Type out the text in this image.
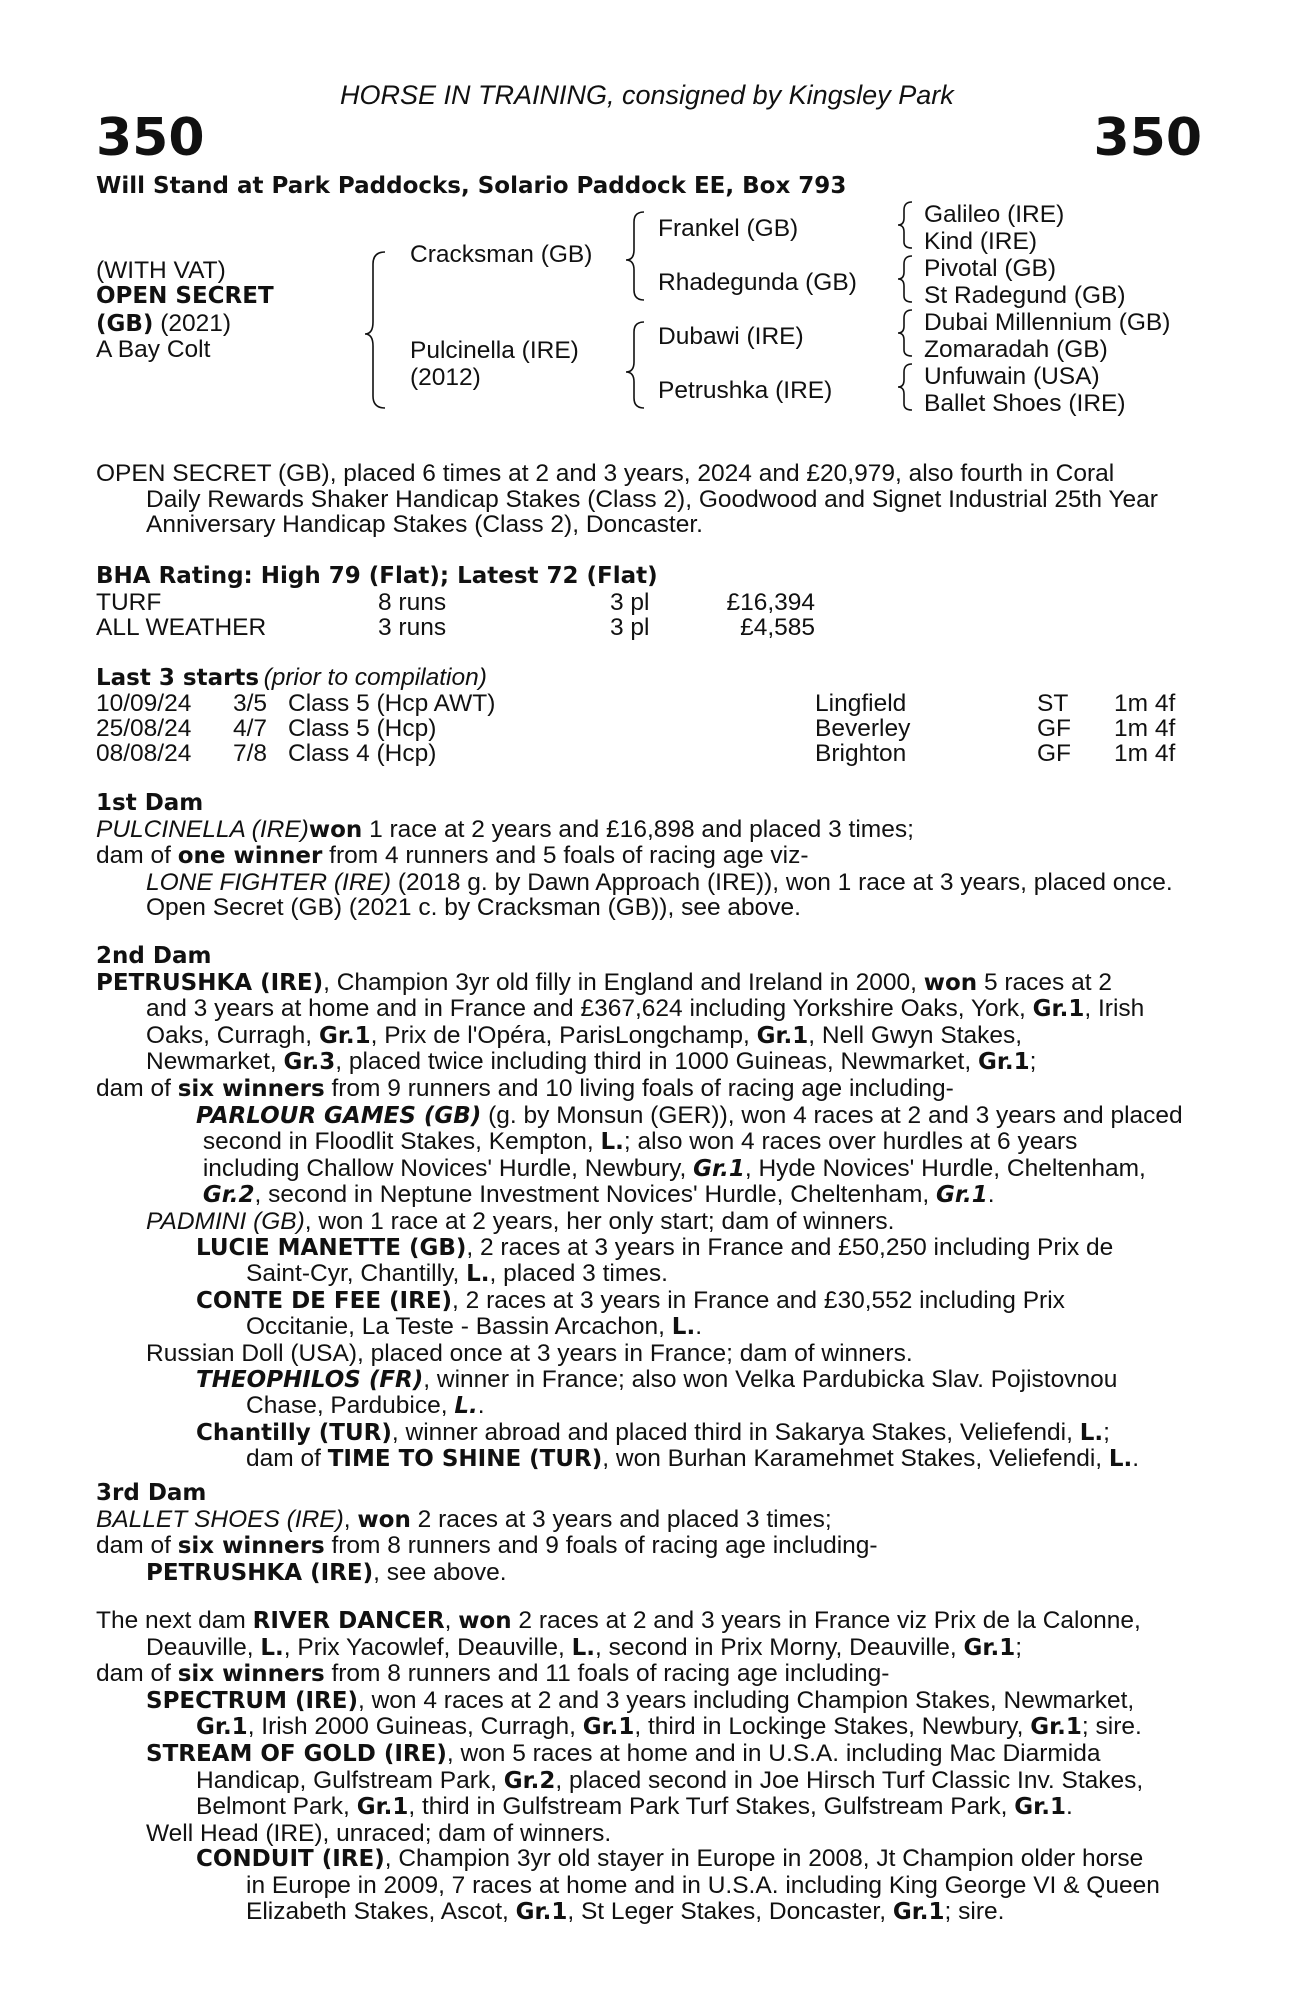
HORSE IN TRAINING, consigned by Kingsley Park
350	350
Will Stand at Park Paddocks, Solario Paddock EE, Box 793
(WITH VAT)
OPEN SECRET
(GB) (2021)
A Bay Colt
Cracksman (GB)
Pulcinella (IRE)
(2012)
Frankel (GB)
Rhadegunda (GB)
Dubawi (IRE)
Petrushka (IRE)
Galileo (IRE)
Kind (IRE)
Pivotal (GB)
St Radegund (GB)
Dubai Millennium (GB)
Zomaradah (GB)
Unfuwain (USA)
Ballet Shoes (IRE)
OPEN SECRET (GB), placed 6 times at 2 and 3 years, 2024 and £20,979, also fourth in Coral
Daily Rewards Shaker Handicap Stakes (Class 2), Goodwood and Signet Industrial 25th Year
Anniversary Handicap Stakes (Class 2), Doncaster.
BHA Rating: High 79 (Flat); Latest 72 (Flat)
TURF	8 runs	3 pl	£16,394
ALL WEATHER	3 runs	3 pl	£4,585
Last 3 starts (prior to compilation)
10/09/24 3/5 Class 5 (Hcp AWT)	Lingfield	ST 1m 4f
25/08/24 4/7 Class 5 (Hcp)	Beverley	GF 1m 4f
08/08/24 7/8 Class 4 (Hcp)	Brighton	GF 1m 4f
1st Dam
PULCINELLA (IRE)won 1 race at 2 years and £16,898 and placed 3 times;
dam of one winner from 4 runners and 5 foals of racing age viz-
LONE FIGHTER (IRE) (2018 g. by Dawn Approach (IRE)), won 1 race at 3 years, placed once.
Open Secret (GB) (2021 c. by Cracksman (GB)), see above.
2nd Dam
PETRUSHKA (IRE), Champion 3yr old filly in England and Ireland in 2000, won 5 races at 2
and 3 years at home and in France and £367,624 including Yorkshire Oaks, York, Gr.1, Irish
Oaks, Curragh, Gr.1, Prix de l'Opéra, ParisLongchamp, Gr.1, Nell Gwyn Stakes,
Newmarket, Gr.3, placed twice including third in 1000 Guineas, Newmarket, Gr.1;
dam of six winners from 9 runners and 10 living foals of racing age including-
PARLOUR GAMES (GB) (g. by Monsun (GER)), won 4 races at 2 and 3 years and placed
second in Floodlit Stakes, Kempton, L.; also won 4 races over hurdles at 6 years
including Challow Novices' Hurdle, Newbury, Gr.1, Hyde Novices' Hurdle, Cheltenham,
Gr.2, second in Neptune Investment Novices' Hurdle, Cheltenham, Gr.1.
PADMINI (GB), won 1 race at 2 years, her only start; dam of winners.
LUCIE MANETTE (GB), 2 races at 3 years in France and £50,250 including Prix de
Saint-Cyr, Chantilly, L., placed 3 times.
CONTE DE FEE (IRE), 2 races at 3 years in France and £30,552 including Prix
Occitanie, La Teste - Bassin Arcachon, L..
Russian Doll (USA), placed once at 3 years in France; dam of winners.
THEOPHILOS (FR), winner in France; also won Velka Pardubicka Slav. Pojistovnou
Chase, Pardubice, L..
Chantilly (TUR), winner abroad and placed third in Sakarya Stakes, Veliefendi, L.;
dam of TIME TO SHINE (TUR), won Burhan Karamehmet Stakes, Veliefendi, L..
3rd Dam
BALLET SHOES (IRE), won 2 races at 3 years and placed 3 times;
dam of six winners from 8 runners and 9 foals of racing age including-
PETRUSHKA (IRE), see above.
The next dam RIVER DANCER, won 2 races at 2 and 3 years in France viz Prix de la Calonne,
Deauville, L., Prix Yacowlef, Deauville, L., second in Prix Morny, Deauville, Gr.1;
dam of six winners from 8 runners and 11 foals of racing age including-
SPECTRUM (IRE), won 4 races at 2 and 3 years including Champion Stakes, Newmarket,
Gr.1, Irish 2000 Guineas, Curragh, Gr.1, third in Lockinge Stakes, Newbury, Gr.1; sire.
STREAM OF GOLD (IRE), won 5 races at home and in U.S.A. including Mac Diarmida
Handicap, Gulfstream Park, Gr.2, placed second in Joe Hirsch Turf Classic Inv. Stakes,
Belmont Park, Gr.1, third in Gulfstream Park Turf Stakes, Gulfstream Park, Gr.1.
Well Head (IRE), unraced; dam of winners.
CONDUIT (IRE), Champion 3yr old stayer in Europe in 2008, Jt Champion older horse
in Europe in 2009, 7 races at home and in U.S.A. including King George VI & Queen
Elizabeth Stakes, Ascot, Gr.1, St Leger Stakes, Doncaster, Gr.1; sire.
